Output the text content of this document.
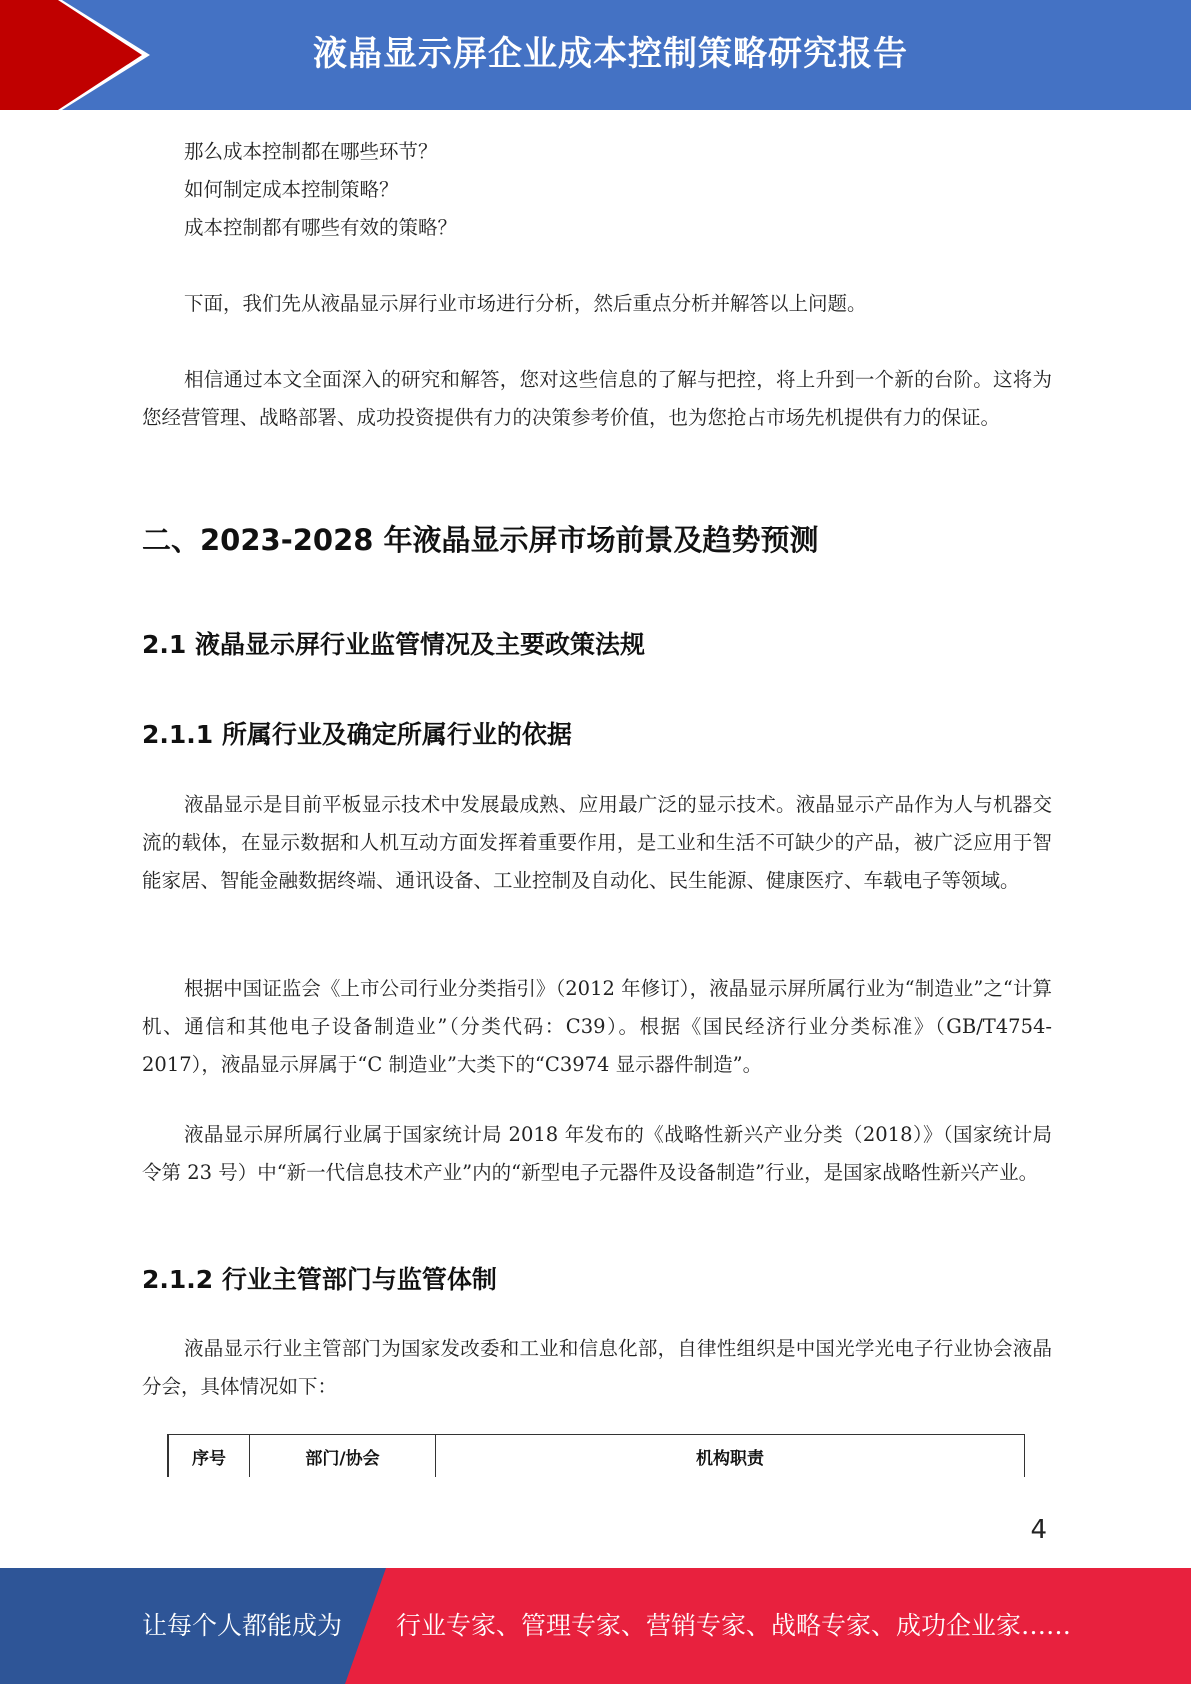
液晶显示屏企业成本控制策略研究报告

那么成本控制都在哪些环节？

如何制定成本控制策略？

成本控制都有哪些有效的策略？

下面，我们先从液晶显示屏行业市场进行分析，然后重点分析并解答以上问题。

相信通过本文全面深入的研究和解答，您对这些信息的了解与把控，将上升到一个新的台阶。这将为您经营管理、战略部署、成功投资提供有力的决策参考价值，也为您抢占市场先机提供有力的保证。

二、2023-2028 年液晶显示屏市场前景及趋势预测
2.1 液晶显示屏行业监管情况及主要政策法规
2.1.1 所属行业及确定所属行业的依据

液晶显示是目前平板显示技术中发展最成熟、应用最广泛的显示技术。液晶显示产品作为人与机器交流的载体，在显示数据和人机互动方面发挥着重要作用，是工业和生活不可缺少的产品，被广泛应用于智能家居、智能金融数据终端、通讯设备、工业控制及自动化、民生能源、健康医疗、车载电子等领域。

根据中国证监会《上市公司行业分类指引》（2012 年修订），液晶显示屏所属行业为“制造业”之“计算机、通信和其他电子设备制造业”（分类代码：C39）。根据《国民经济行业分类标准》（GB/T4754-2017），液晶显示屏属于“C 制造业”大类下的“C3974 显示器件制造”。

液晶显示屏所属行业属于国家统计局 2018 年发布的《战略性新兴产业分类（2018）》（国家统计局令第 23 号）中“新一代信息技术产业”内的“新型电子元器件及设备制造”行业，是国家战略性新兴产业。

2.1.2 行业主管部门与监管体制

液晶显示行业主管部门为国家发改委和工业和信息化部，自律性组织是中国光学光电子行业协会液晶分会，具体情况如下：

序号	部门/协会	机构职责
4
让每个人都能成为 行业专家、管理专家、营销专家、战略专家、成功企业家……
